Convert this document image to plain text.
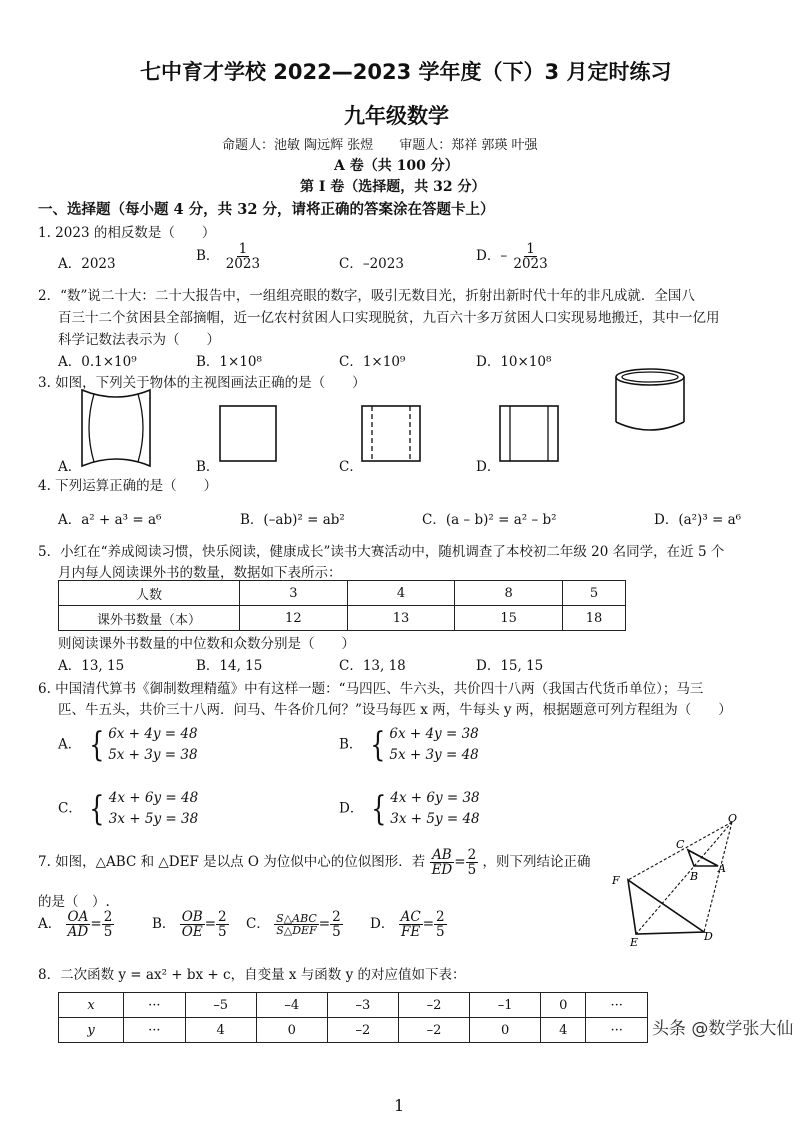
七中育才学校 2022—2023 学年度（下）3 月定时练习
九年级数学
命题人：池敏 陶远辉 张煜　　审题人：郑祥 郭瑛 叶强
A 卷（共 100 分）
第 I 卷（选择题，共 32 分）
一、选择题（每小题 4 分，共 32 分，请将正确的答案涂在答题卡上）
1. 2023 的相反数是（　　）
A．2023	B． $\frac{1}{2023}$	C．–2023	D．– $\frac{1}{2023}$
2．“数”说二十大：二十大报告中，一组组亮眼的数字，吸引无数目光，折射出新时代十年的非凡成就．全国八
百三十二个贫困县全部摘帽，近一亿农村贫困人口实现脱贫，九百六十多万贫困人口实现易地搬迁，其中一亿用
科学记数法表示为（　　）
A．0.1×10⁹	B．1×10⁸	C．1×10⁹	D．10×10⁸
3. 如图，下列关于物体的主视图画法正确的是（　　）
A．	B．	C．	D．
4. 下列运算正确的是（　　）
A．a² + a³ = a⁶	B．(–ab)² = ab²	C．(a – b)² = a² – b²	D．(a²)³ = a⁶
5．小红在“养成阅读习惯，快乐阅读，健康成长”读书大赛活动中，随机调查了本校初二年级 20 名同学，在近 5 个
月内每人阅读课外书的数量，数据如下表所示：
人数	3	4	8	5
课外书数量（本）	12	13	15	18
则阅读课外书数量的中位数和众数分别是（　　）
A．13, 15	B．14, 15	C．13, 18	D．15, 15
6. 中国清代算书《御制数理精蕴》中有这样一题：“马四匹、牛六头，共价四十八两（我国古代货币单位）；马三
匹、牛五头，共价三十八两．问马、牛各价几何？”设马每匹 x 两，牛每头 y 两，根据题意可列方程组为（　　）
A． { 6x + 4y = 48
5x + 3y = 38
B． { 6x + 4y = 38
5x + 3y = 48
C． { 4x + 6y = 48
3x + 5y = 38
D． { 4x + 6y = 38
3x + 5y = 48
7. 如图，△ABC 和 △DEF 是以点 O 为位似中心的位似图形．若 $\frac{AB}{ED} = \frac{2}{5}$ ，则下列结论正确
的是（　）.
A． $\frac{OA}{AD} = \frac{2}{5}$	B． $\frac{OB}{OE} = \frac{2}{5}$ C． $\frac{\text{S△ABC}}{\text{S△DEF}} = \frac{2}{5}$ D． $\frac{AC}{FE} = \frac{2}{5}$
O
C
B
A
F
E	D
8．二次函数 y = ax² + bx + c，自变量 x 与函数 y 的对应值如下表：
x	···	–5	–4	–3	–2	–1	0	···
y	···	4	0	–2	–2	0	4	··· 头条 @数学张大仙
1
